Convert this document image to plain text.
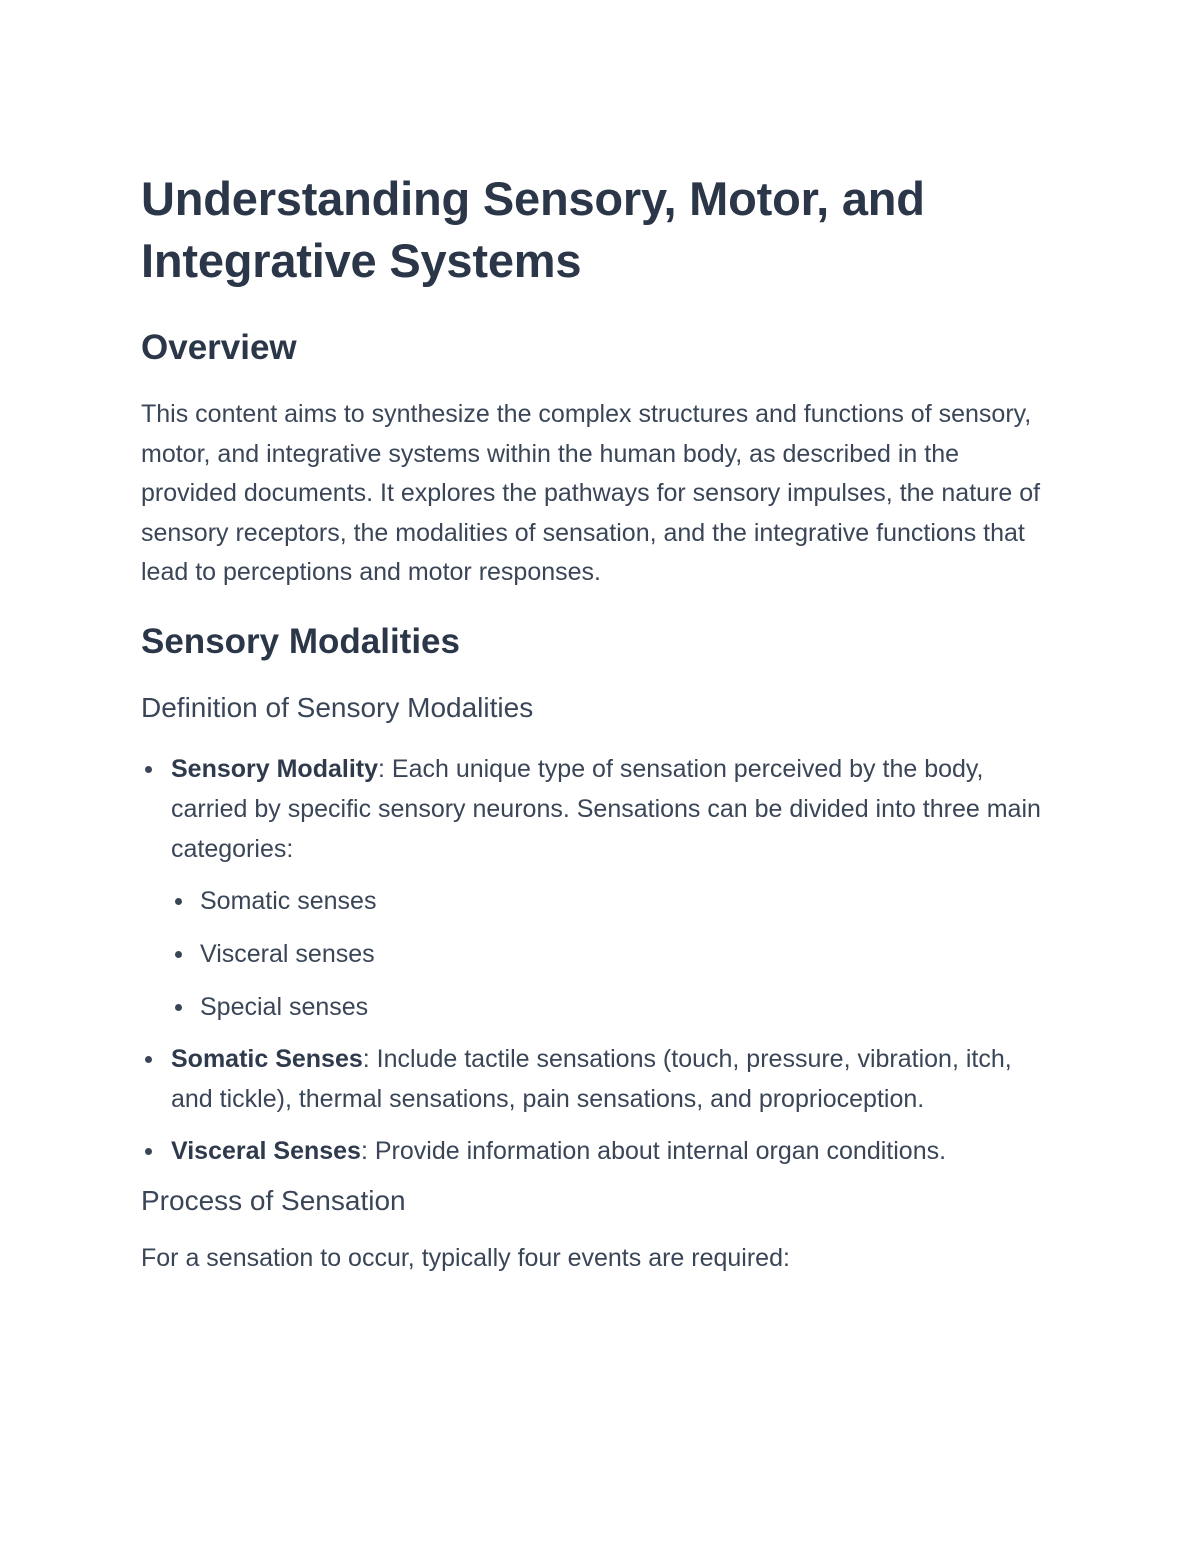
Understanding Sensory, Motor, and Integrative Systems
Overview

This content aims to synthesize the complex structures and functions of sensory, motor, and integrative systems within the human body, as described in the provided documents. It explores the pathways for sensory impulses, the nature of sensory receptors, the modalities of sensation, and the integrative functions that lead to perceptions and motor responses.

Sensory Modalities
Definition of Sensory Modalities
Sensory Modality: Each unique type of sensation perceived by the body, carried by specific sensory neurons. Sensations can be divided into three main categories:
Somatic senses
Visceral senses
Special senses
Somatic Senses: Include tactile sensations (touch, pressure, vibration, itch, and tickle), thermal sensations, pain sensations, and proprioception.
Visceral Senses: Provide information about internal organ conditions.
Process of Sensation

For a sensation to occur, typically four events are required:
